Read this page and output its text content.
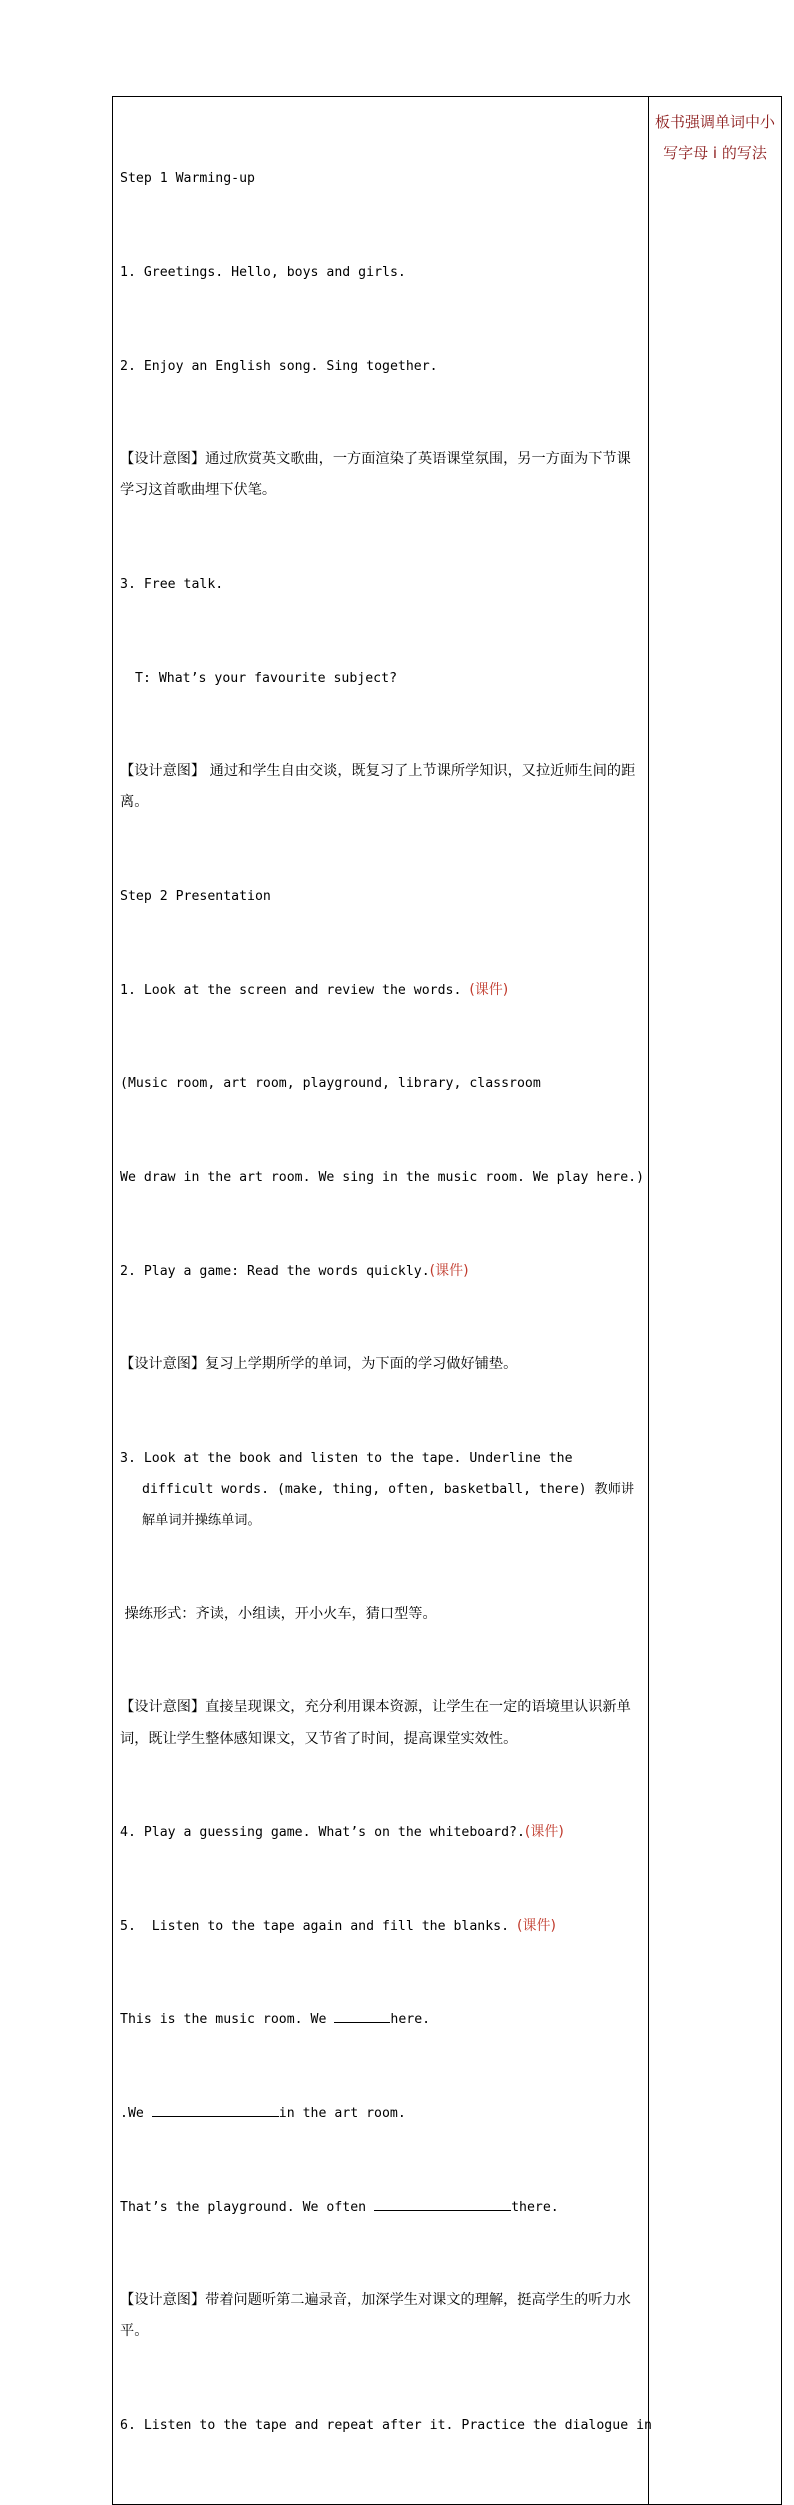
Step 1 Warming-up

1. Greetings. Hello, boys and girls.

2. Enjoy an English song. Sing together.

【设计意图】通过欣赏英文歌曲，一方面渲染了英语课堂氛围，另一方面为下节课学习这首歌曲埋下伏笔。

3. Free talk.

T: What’s your favourite subject?

【设计意图】 通过和学生自由交谈，既复习了上节课所学知识，又拉近师生间的距离。

Step 2 Presentation

1. Look at the screen and review the words. (课件)

(Music room, art room, playground, library, classroom

We draw in the art room. We sing in the music room. We play here.)

2. Play a game: Read the words quickly.(课件)

【设计意图】复习上学期所学的单词，为下面的学习做好铺垫。

3. Look at the book and listen to the tape. Underline the difficult words. (make, thing, often, basketball, there) 教师讲解单词并操练单词。

操练形式：齐读，小组读，开小火车，猜口型等。

【设计意图】直接呈现课文，充分利用课本资源，让学生在一定的语境里认识新单词，既让学生整体感知课文，又节省了时间，提高课堂实效性。

4. Play a guessing game. What’s on the whiteboard?.(课件)

5.  Listen to the tape again and fill the blanks. (课件)

This is the music room. We	here.

.We	in the art room.

That’s the playground. We often	there.

【设计意图】带着问题听第二遍录音，加深学生对课文的理解，挺高学生的听力水平。

6. Listen to the tape and repeat after it. Practice the dialogue in

板书强调单词中小写字母 i 的写法
